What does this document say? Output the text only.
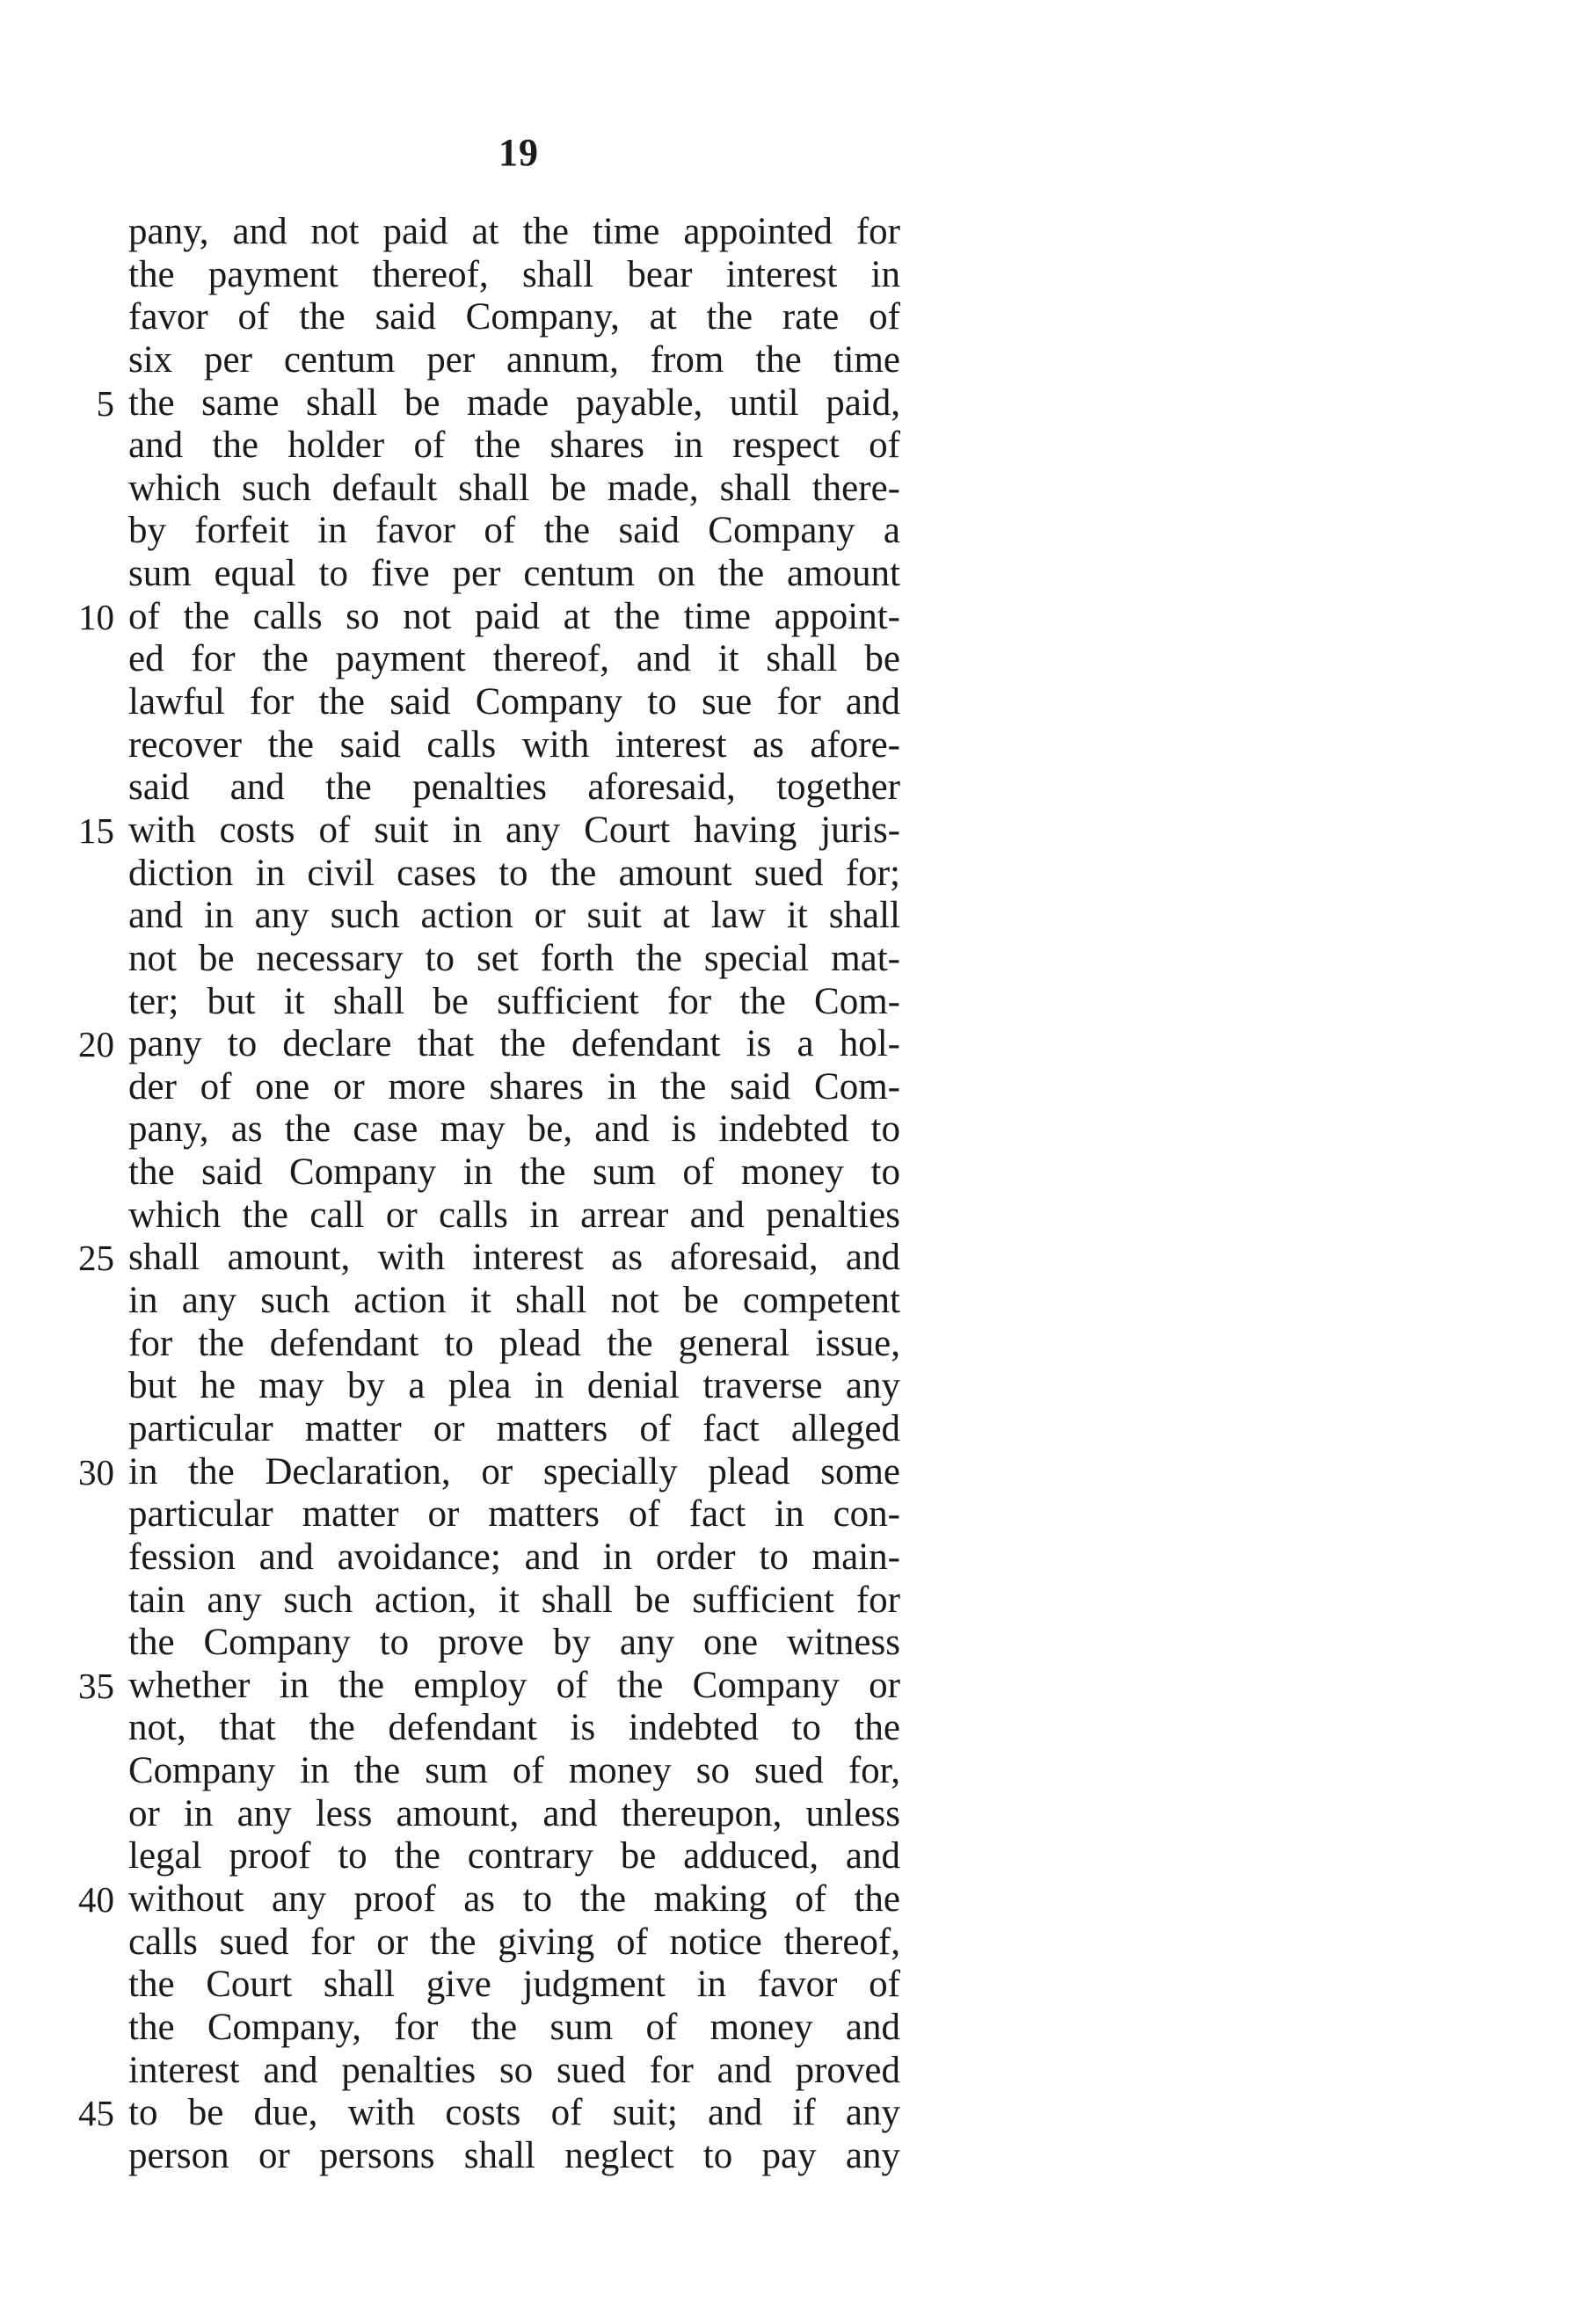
19
pany, and not paid at the time appointed for
the payment thereof, shall bear interest in
favor of the said Company, at the rate of
six per centum per annum, from the time
5 the same shall be made payable, until paid,
and the holder of the shares in respect of
which such default shall be made, shall there-
by forfeit in favor of the said Company a
sum equal to five per centum on the amount
10 of the calls so not paid at the time appoint-
ed for the payment thereof, and it shall be
lawful for the said Company to sue for and
recover the said calls with interest as afore-
said and the penalties aforesaid, together
15 with costs of suit in any Court having juris-
diction in civil cases to the amount sued for;
and in any such action or suit at law it shall
not be necessary to set forth the special mat-
ter; but it shall be sufficient for the Com-
20 pany to declare that the defendant is a hol-
der of one or more shares in the said Com-
pany, as the case may be, and is indebted to
the said Company in the sum of money to
which the call or calls in arrear and penalties
25 shall amount, with interest as aforesaid, and
in any such action it shall not be competent
for the defendant to plead the general issue,
but he may by a plea in denial traverse any
particular matter or matters of fact alleged
30 in the Declaration, or specially plead some
particular matter or matters of fact in con-
fession and avoidance; and in order to main-
tain any such action, it shall be sufficient for
the Company to prove by any one witness
35 whether in the employ of the Company or
not, that the defendant is indebted to the
Company in the sum of money so sued for,
or in any less amount, and thereupon, unless
legal proof to the contrary be adduced, and
40 without any proof as to the making of the
calls sued for or the giving of notice thereof,
the Court shall give judgment in favor of
the Company, for the sum of money and
interest and penalties so sued for and proved
45 to be due, with costs of suit; and if any
person or persons shall neglect to pay any
